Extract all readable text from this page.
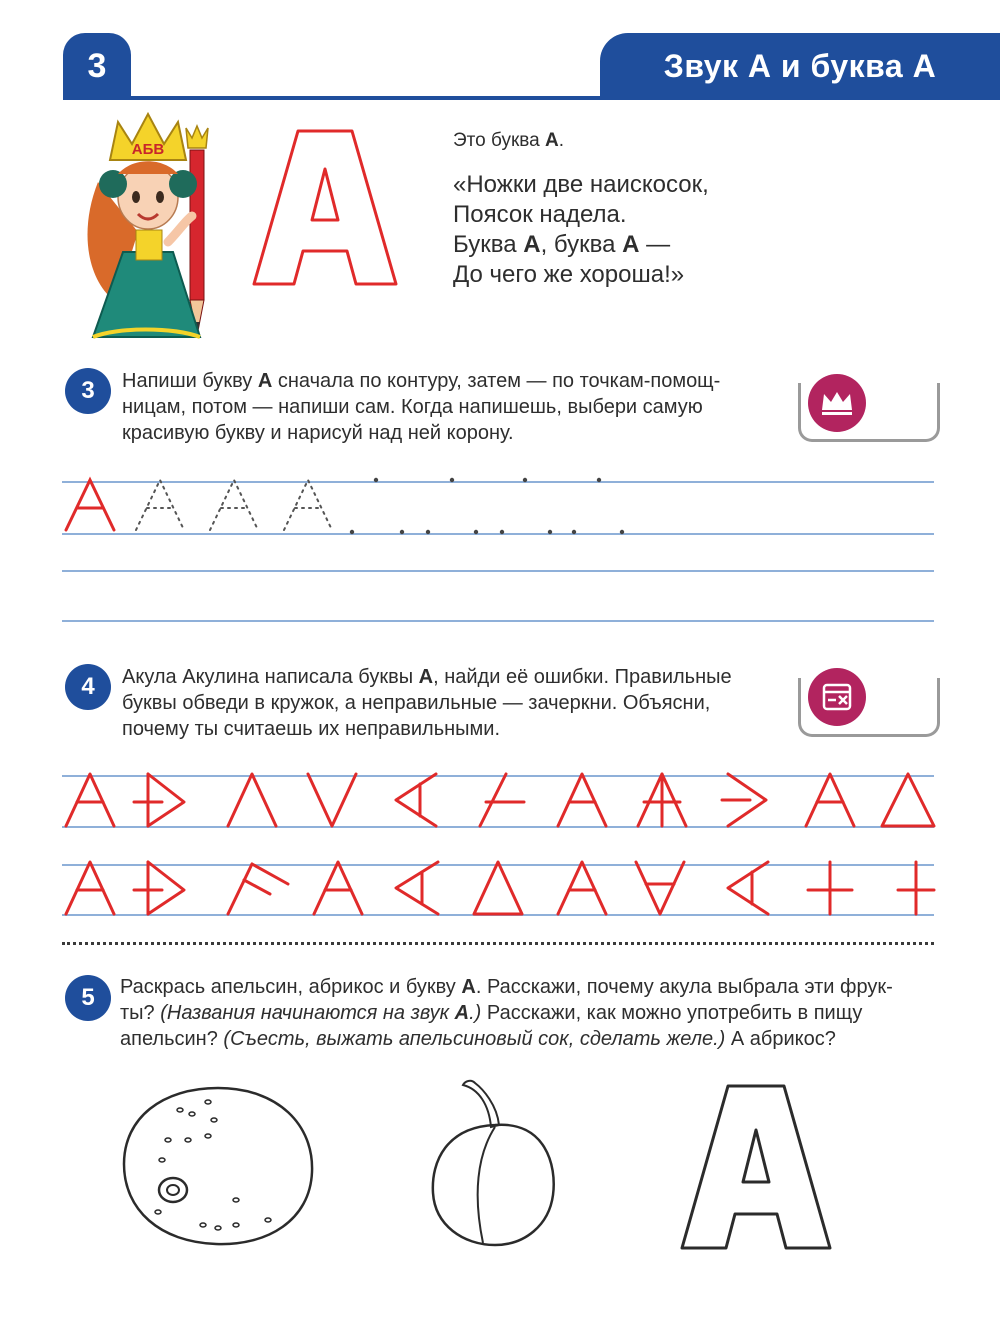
3	Звук А и буква А
АБВ	Это буква А.
«Ножки две наискосок,
Поясок надела.
Буква А, буква А —
До чего же хороша!»
3 Напиши букву А сначала по контуру, затем — по точкам-помощ-
ницам, потом — напиши сам. Когда напишешь, выбери самую
красивую букву и нарисуй над ней корону.
4 Акула Акулина написала буквы А, найди её ошибки. Правильные
буквы обведи в кружок, а неправильные — зачеркни. Объясни,
почему ты считаешь их неправильными.
5 Раскрась апельсин, абрикос и букву А. Расскажи, почему акула выбрала эти фрук-
ты? (Названия начинаются на звук А.) Расскажи, как можно употребить в пищу
апельсин? (Съесть, выжать апельсиновый сок, сделать желе.) А абрикос?
